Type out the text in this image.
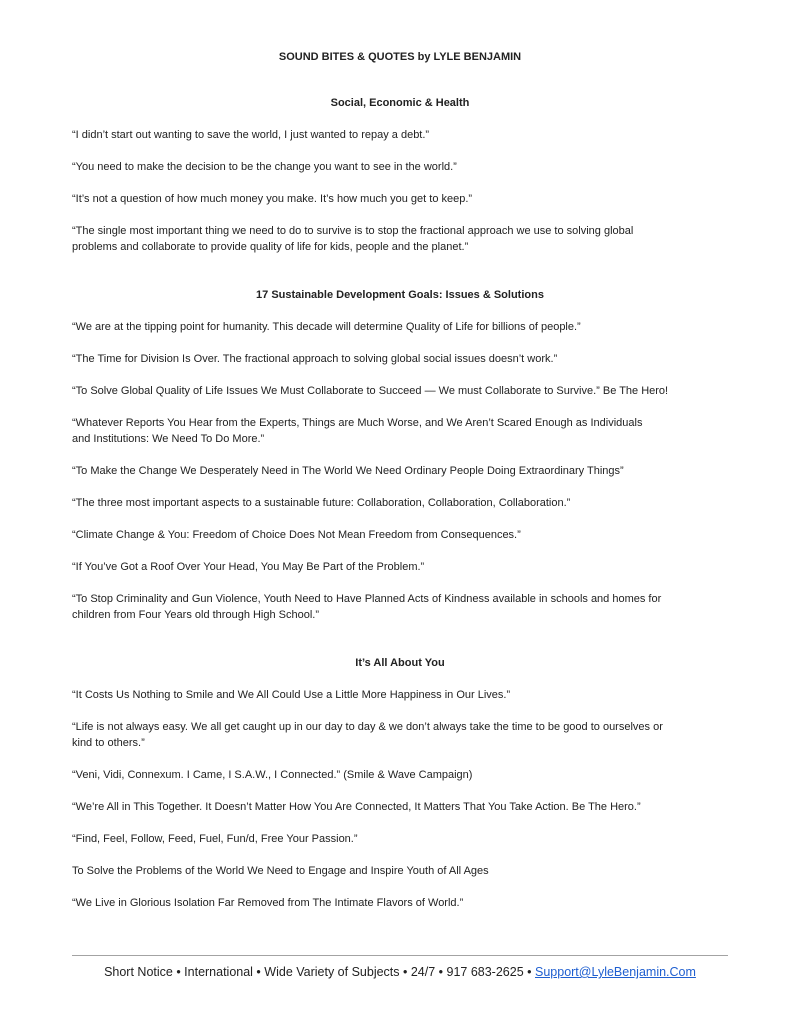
SOUND BITES & QUOTES by LYLE BENJAMIN
Social, Economic & Health

“I didn’t start out wanting to save the world, I just wanted to repay a debt.”

“You need to make the decision to be the change you want to see in the world.”

“It’s not a question of how much money you make. It’s how much you get to keep.”

“The single most important thing we need to do to survive is to stop the fractional approach we use to solving global
problems and collaborate to provide quality of life for kids, people and the planet.”

17 Sustainable Development Goals: Issues & Solutions

“We are at the tipping point for humanity. This decade will determine Quality of Life for billions of people.”

“The Time for Division Is Over. The fractional approach to solving global social issues doesn’t work.”

“To Solve Global Quality of Life Issues We Must Collaborate to Succeed — We must Collaborate to Survive.” Be The Hero!

“Whatever Reports You Hear from the Experts, Things are Much Worse, and We Aren’t Scared Enough as Individuals
and Institutions: We Need To Do More.”

“To Make the Change We Desperately Need in The World We Need Ordinary People Doing Extraordinary Things”

“The three most important aspects to a sustainable future: Collaboration, Collaboration, Collaboration.”

“Climate Change & You: Freedom of Choice Does Not Mean Freedom from Consequences.”

“If You’ve Got a Roof Over Your Head, You May Be Part of the Problem.”

“To Stop Criminality and Gun Violence, Youth Need to Have Planned Acts of Kindness available in schools and homes for
children from Four Years old through High School.”

It’s All About You

“It Costs Us Nothing to Smile and We All Could Use a Little More Happiness in Our Lives.”

“Life is not always easy. We all get caught up in our day to day & we don’t always take the time to be good to ourselves or
kind to others.”

“Veni, Vidi, Connexum. I Came, I S.A.W., I Connected.” (Smile & Wave Campaign)

“We’re All in This Together. It Doesn’t Matter How You Are Connected, It Matters That You Take Action. Be The Hero.”

“Find, Feel, Follow, Feed, Fuel, Fun/d, Free Your Passion.”

To Solve the Problems of the World We Need to Engage and Inspire Youth of All Ages

“We Live in Glorious Isolation Far Removed from The Intimate Flavors of World.”

Short Notice • International • Wide Variety of Subjects • 24/7 • 917 683-2625 • Support@LyleBenjamin.Com
